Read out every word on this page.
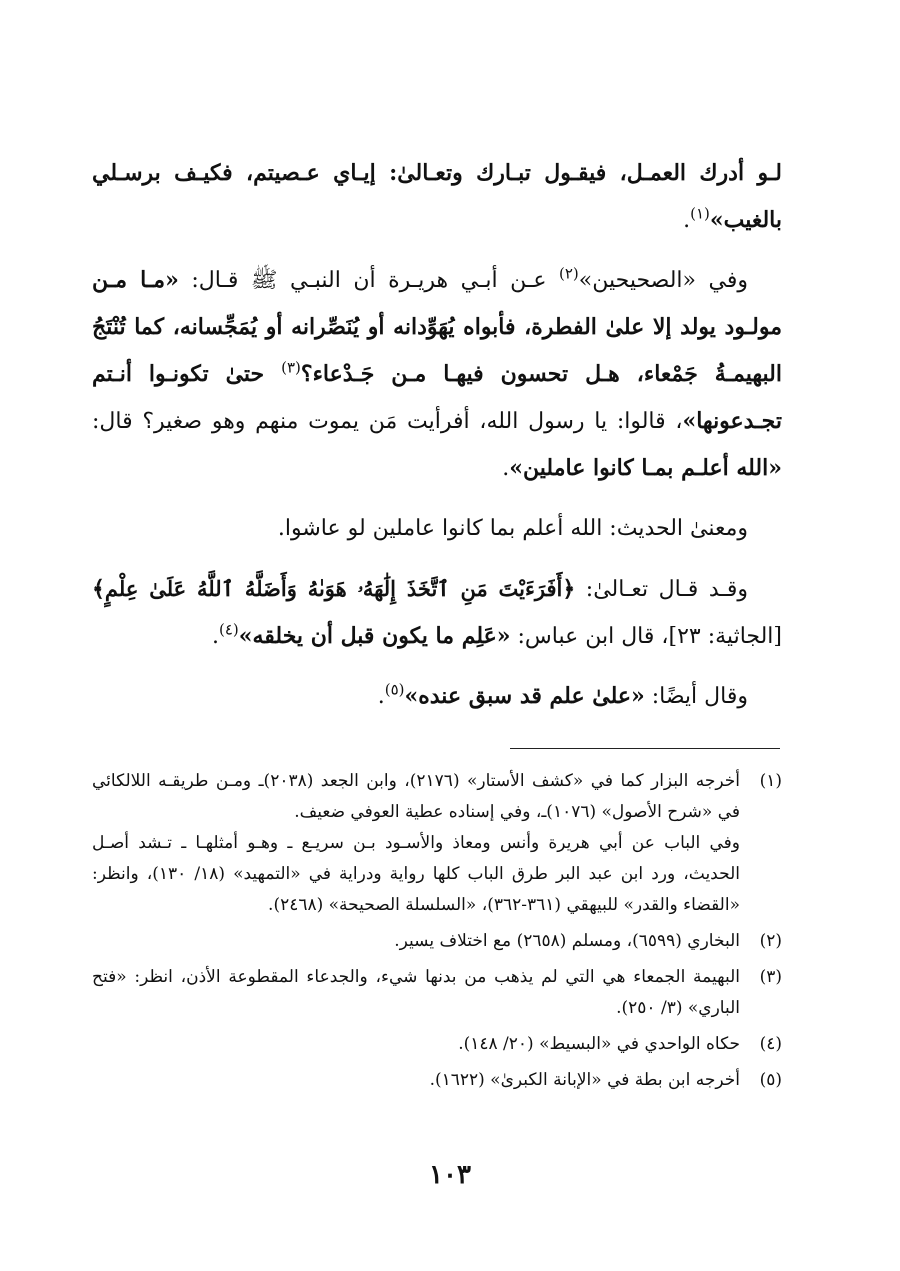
لـو أدرك العمـل، فيقـول تبـارك وتعـالىٰ: إيـاي عـصيتم، فكيـف برسـلي بالغيب»$^{(١)}$.

وفي «الصحيحين»$^{(٢)}$ عـن أبـي هريـرة أن النبـي ﷺ قـال: «مـا مـن مولـود يولد إلا علىٰ الفطرة، فأبواه يُهَوِّدانه أو يُنَصِّرانه أو يُمَجِّسانه، كما تُنْتَجُ البهيمـةُ جَمْعاء، هـل تحسون فيهـا مـن جَـدْعاء؟$^{(٣)}$ حتىٰ تكونـوا أنـتم تجـدعونها»، قالوا: يا رسول الله، أفرأيت مَن يموت منهم وهو صغير؟ قال: «الله أعلـم بمـا كانوا عاملين».

ومعنىٰ الحديث: الله أعلم بما كانوا عاملين لو عاشوا.

وقـد قـال تعـالىٰ: ﴿أَفَرَءَيْتَ مَنِ ٱتَّخَذَ إِلَٰهَهُۥ هَوَىٰهُ وَأَضَلَّهُ ٱللَّهُ عَلَىٰ عِلْمٍ﴾ [الجاثية: ٢٣]، قال ابن عباس: «عَلِم ما يكون قبل أن يخلقه»$^{(٤)}$.

وقال أيضًا: «علىٰ علم قد سبق عنده»$^{(٥)}$.

(١)
أخرجه البزار كما في «كشف الأستار» (٢١٧٦)، وابن الجعد (٢٠٣٨)ـ ومـن طريقـه اللالكائي في «شرح الأصول» (١٠٧٦)ـ، وفي إسناده عطية العوفي ضعيف.
وفي الباب عن أبي هريرة وأنس ومعاذ والأسـود بـن سريـع ـ وهـو أمثلهـا ـ تـشد أصـل الحديث، ورد ابن عبد البر طرق الباب كلها رواية ودراية في «التمهيد» (١٨/ ١٣٠)، وانظر: «القضاء والقدر» للبيهقي (٣٦١-٣٦٢)، «السلسلة الصحيحة» (٢٤٦٨).
(٢)
البخاري (٦٥٩٩)، ومسلم (٢٦٥٨) مع اختلاف يسير.
(٣)
البهيمة الجمعاء هي التي لم يذهب من بدنها شيء، والجدعاء المقطوعة الأذن، انظر: «فتح الباري» (٣/ ٢٥٠).
(٤)
حكاه الواحدي في «البسيط» (٢٠/ ١٤٨).
(٥)
أخرجه ابن بطة في «الإبانة الكبرىٰ» (١٦٢٢).
١٠٣
